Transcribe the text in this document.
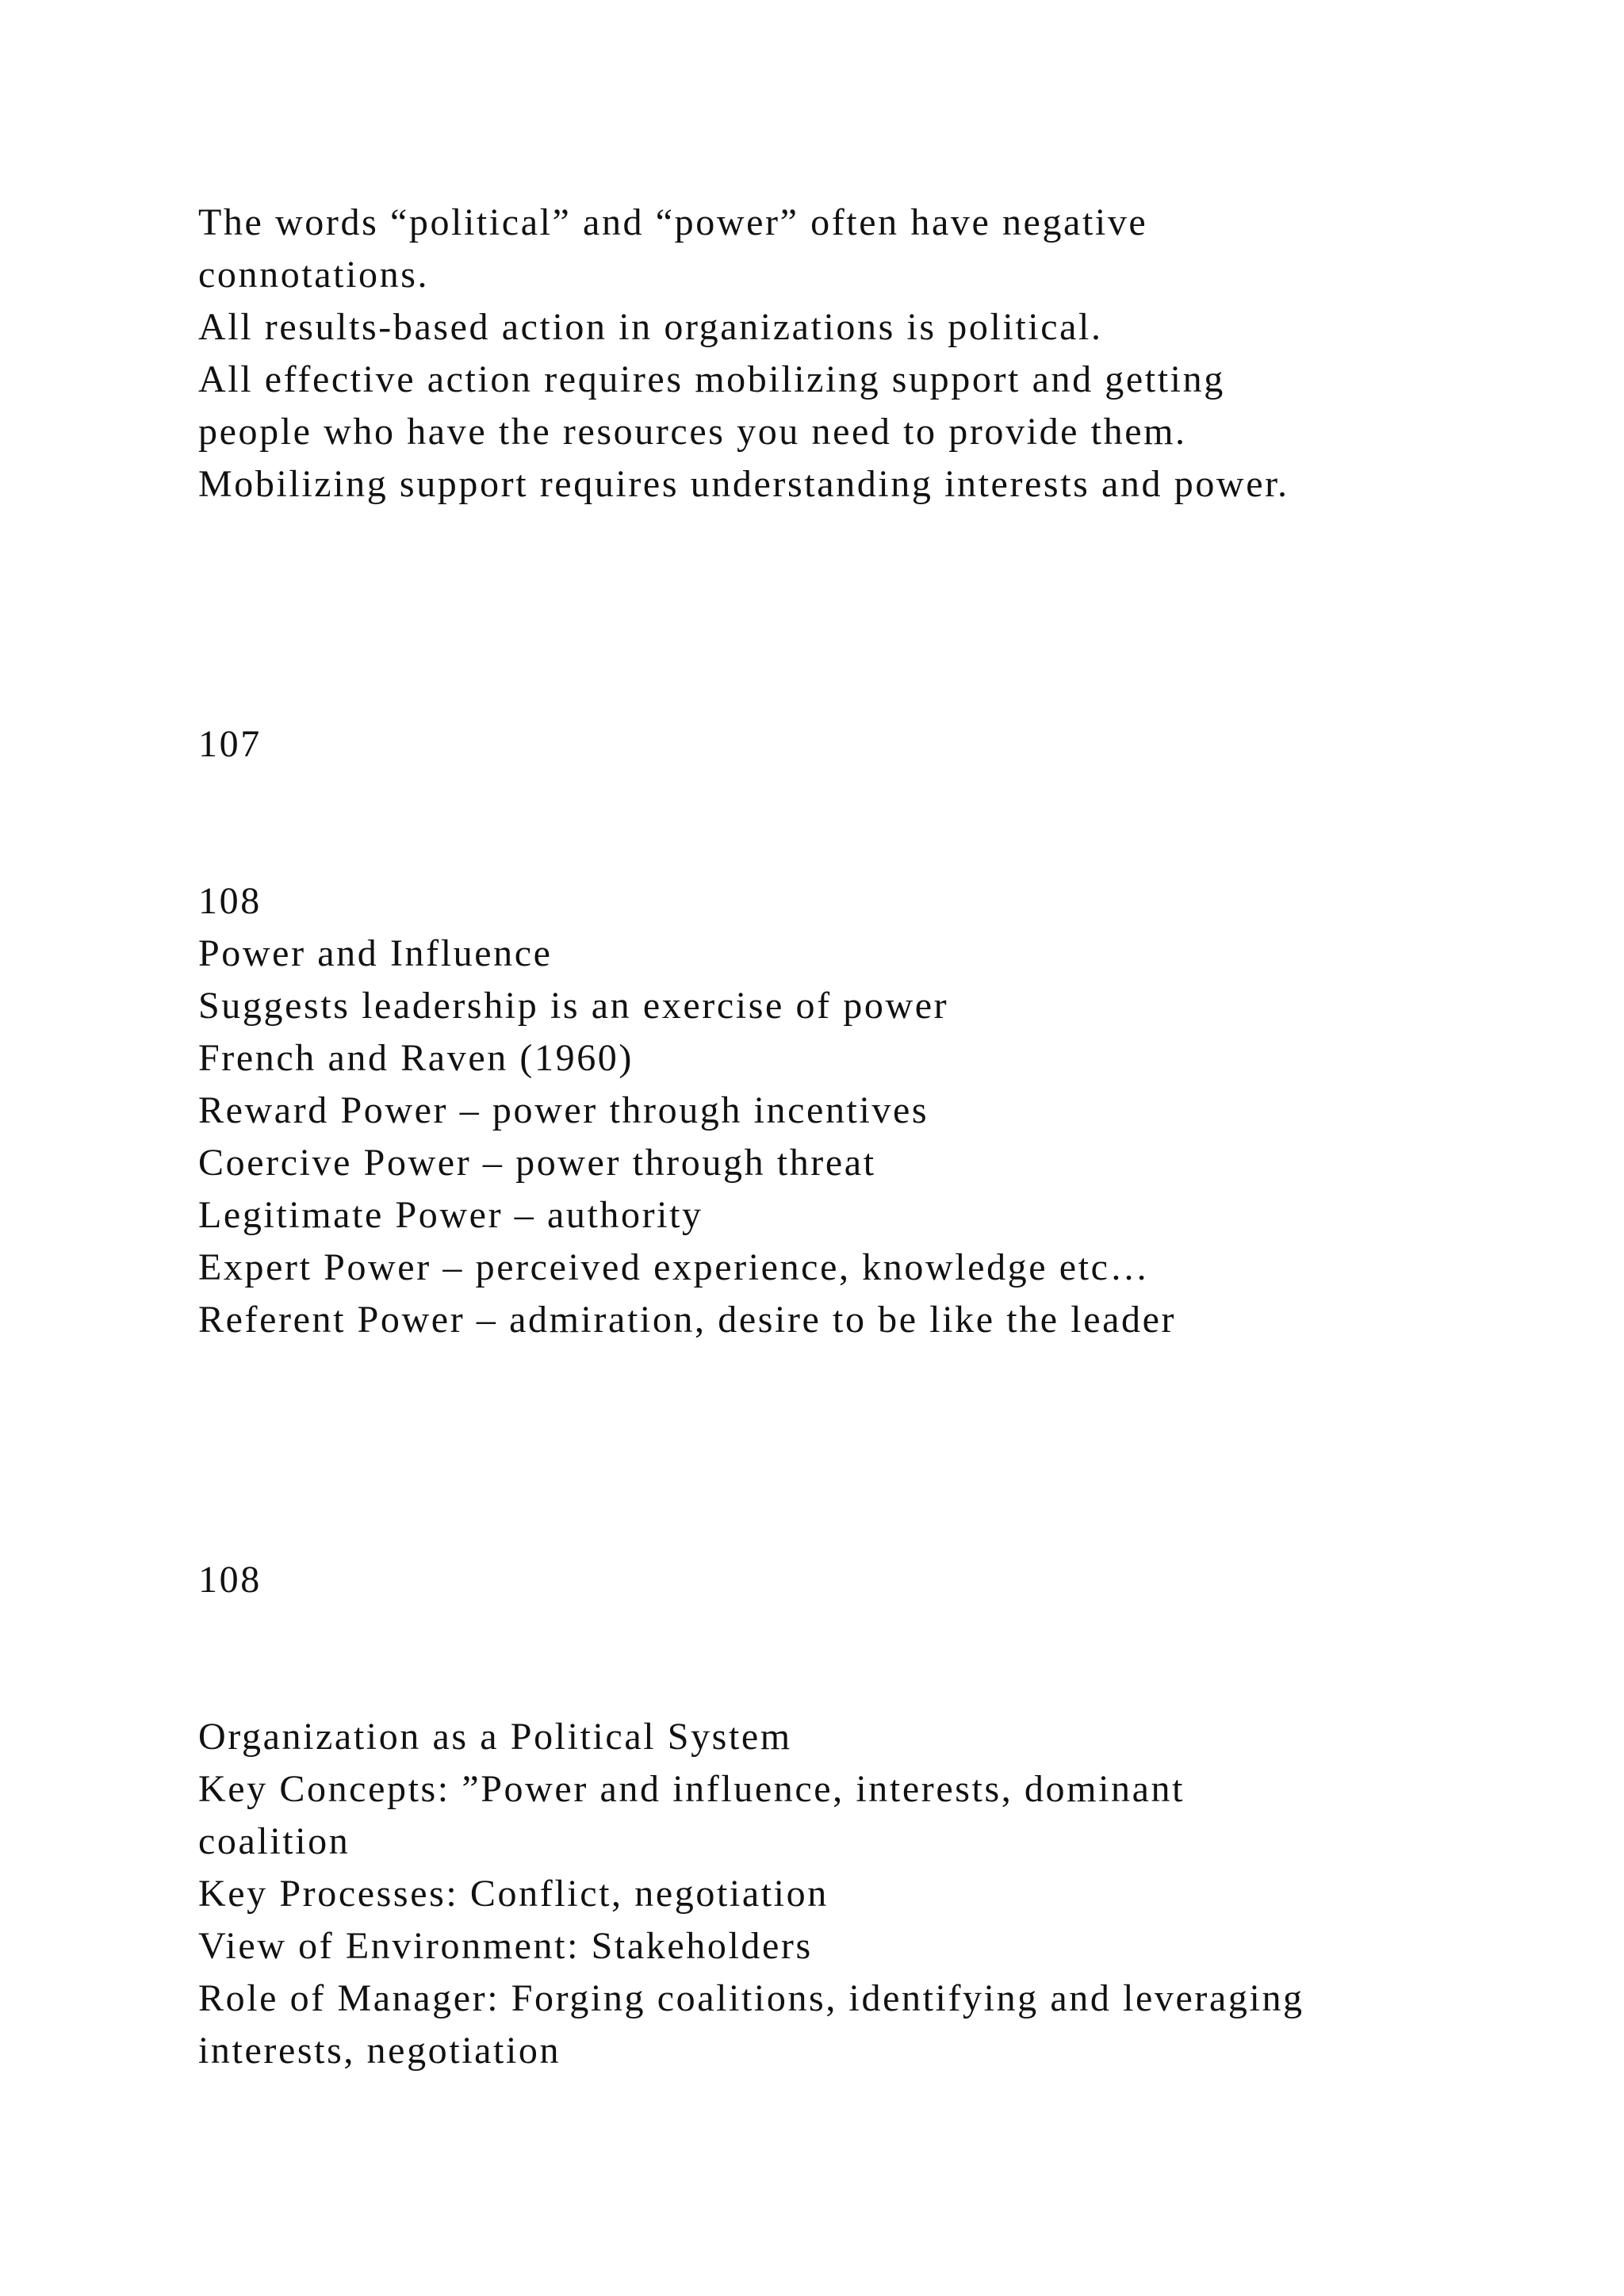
The words “political” and “power” often have negative

connotations.

All results-based action in organizations is political.

All effective action requires mobilizing support and getting

people who have the resources you need to provide them.

Mobilizing support requires understanding interests and power.

107

108

Power and Influence

Suggests leadership is an exercise of power

French and Raven (1960)

Reward Power – power through incentives

Coercive Power – power through threat

Legitimate Power – authority

Expert Power – perceived experience, knowledge etc…

Referent Power – admiration, desire to be like the leader

108

Organization as a Political System

Key Concepts: ”Power and influence, interests, dominant

coalition

Key Processes: Conflict, negotiation

View of Environment: Stakeholders

Role of Manager: Forging coalitions, identifying and leveraging

interests, negotiation
